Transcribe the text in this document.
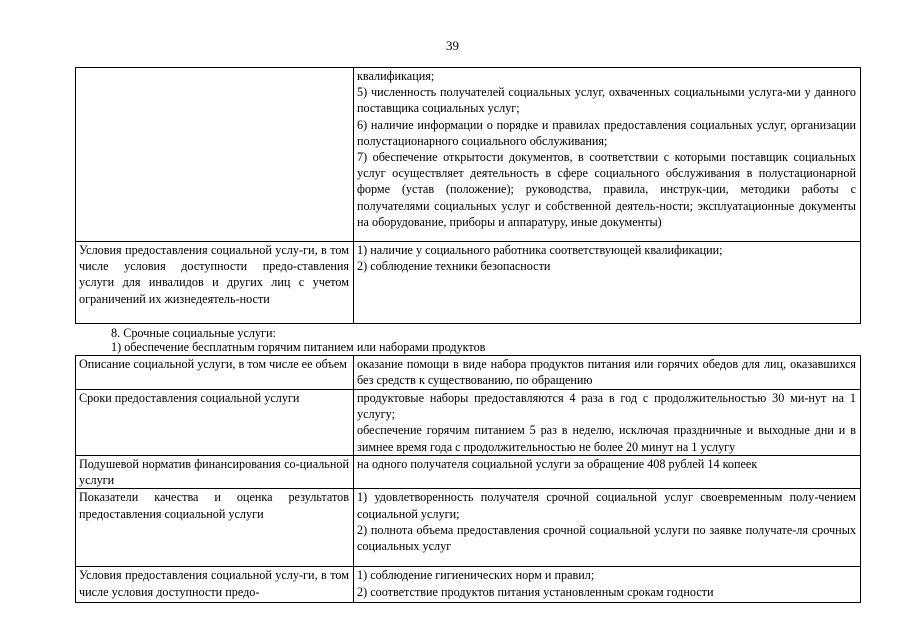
39

	квалификация;

5) численность получателей социальных услуг, охваченных социальными услуга-ми у данного поставщика социальных услуг;

6) наличие информации о порядке и правилах предоставления социальных услуг, организации полустационарного социального обслуживания;

7) обеспечение открытости документов, в соответствии с которыми поставщик социальных услуг осуществляет деятельность в сфере социального обслуживания в полустационарной форме (устав (положение); руководства, правила, инструк-ции, методики работы с получателями социальных услуг и собственной деятель-ности; эксплуатационные документы на оборудование, приборы и аппаратуру, иные документы)

Условия предоставления социальной услу-ги, в том числе условия доступности предо-ставления услуги для инвалидов и других лиц с учетом ограничений их жизнедеятель-ности	1) наличие у социального работника соответствующей квалификации;

2) соблюдение техники безопасности

8. Срочные социальные услуги:
1) обеспечение бесплатным горячим питанием или наборами продуктов
Описание социальной услуги, в том числе ее объем	оказание помощи в виде набора продуктов питания или горячих обедов для лиц, оказавшихся без средств к существованию, по обращению

Сроки предоставления социальной услуги	продуктовые наборы предоставляются 4 раза в год с продолжительностью 30 ми-нут на 1 услугу;

обеспечение горячим питанием 5 раз в неделю, исключая праздничные и выходные дни и в зимнее время года с продолжительностью не более 20 минут на 1 услугу

Подушевой норматив финансирования со-циальной услуги	на одного получателя социальной услуги за обращение 408 рублей 14 копеек

Показатели качества и оценка результатов предоставления социальной услуги	1) удовлетворенность получателя срочной социальной услуг своевременным полу-чением социальной услуги;

2) полнота объема предоставления срочной социальной услуги по заявке получате-ля срочных социальных услуг

Условия предоставления социальной услу-ги, в том числе условия доступности предо-	1) соблюдение гигиенических норм и правил;

2) соответствие продуктов питания установленным срокам годности
